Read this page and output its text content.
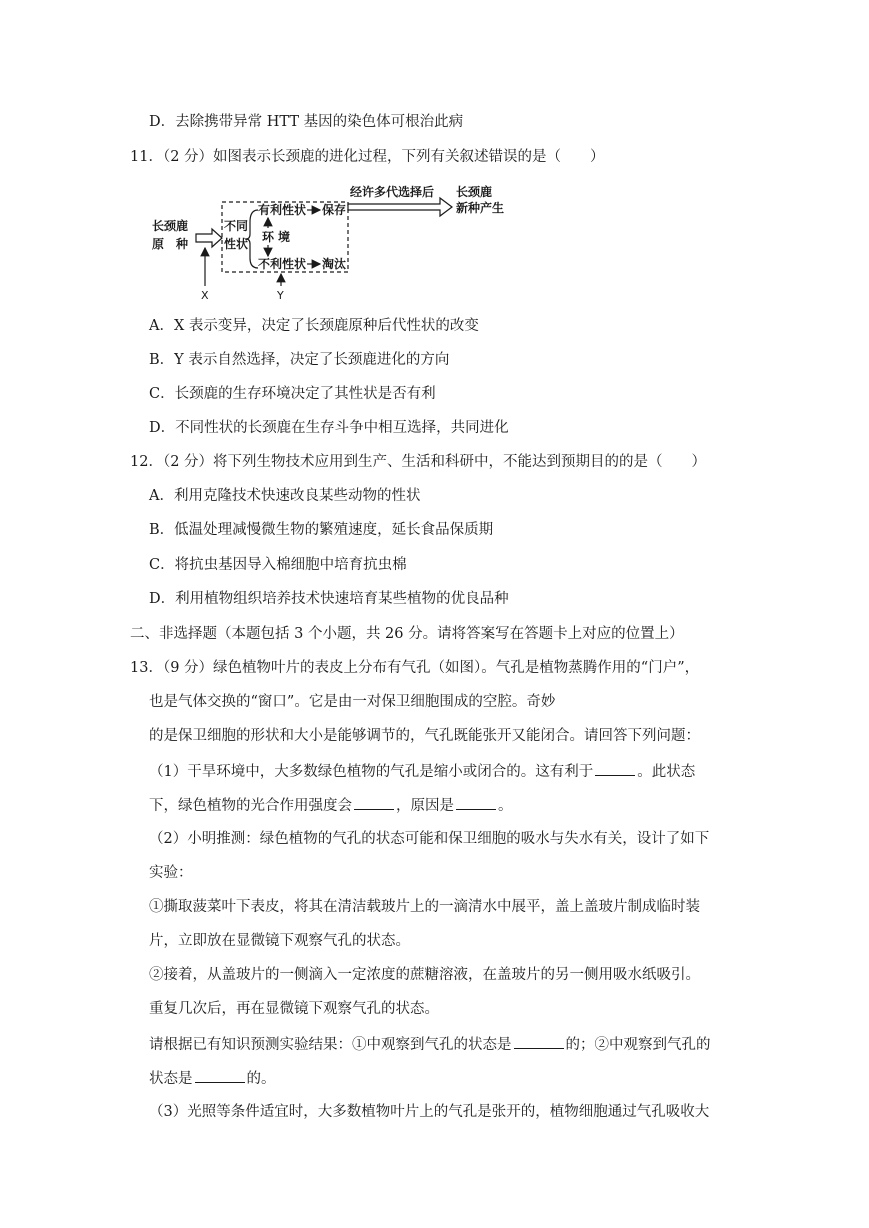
D．去除携带异常 HTT 基因的染色体可根治此病
11．（2 分）如图表示长颈鹿的进化过程，下列有关叙述错误的是（　　）
长颈鹿
原　种
不同
性状
有利性状 保存
环 境
不利性状 淘汰
经许多代选择后 长颈鹿
新种产生
X	Y
A．X 表示变异，决定了长颈鹿原种后代性状的改变
B．Y 表示自然选择，决定了长颈鹿进化的方向
C．长颈鹿的生存环境决定了其性状是否有利
D．不同性状的长颈鹿在生存斗争中相互选择，共同进化
12．（2 分）将下列生物技术应用到生产、生活和科研中，不能达到预期目的的是（　　）
A．利用克隆技术快速改良某些动物的性状
B．低温处理减慢微生物的繁殖速度，延长食品保质期
C．将抗虫基因导入棉细胞中培育抗虫棉
D．利用植物组织培养技术快速培育某些植物的优良品种
二、非选择题（本题包括 3 个小题，共 26 分。请将答案写在答题卡上对应的位置上）
13．（9 分）绿色植物叶片的表皮上分布有气孔（如图）。气孔是植物蒸腾作用的“门户”，
也是气体交换的“窗口”。它是由一对保卫细胞围成的空腔。奇妙
的是保卫细胞的形状和大小是能够调节的，气孔既能张开又能闭合。请回答下列问题：
（1）干旱环境中，大多数绿色植物的气孔是缩小或闭合的。这有利于	。此状态
下，绿色植物的光合作用强度会	，原因是	。
（2）小明推测：绿色植物的气孔的状态可能和保卫细胞的吸水与失水有关，设计了如下
实验：
①撕取菠菜叶下表皮，将其在清洁载玻片上的一滴清水中展平，盖上盖玻片制成临时装
片，立即放在显微镜下观察气孔的状态。
②接着，从盖玻片的一侧滴入一定浓度的蔗糖溶液，在盖玻片的另一侧用吸水纸吸引。
重复几次后，再在显微镜下观察气孔的状态。
请根据已有知识预测实验结果：①中观察到气孔的状态是	的；②中观察到气孔的
状态是	的。
（3）光照等条件适宜时，大多数植物叶片上的气孔是张开的，植物细胞通过气孔吸收大
